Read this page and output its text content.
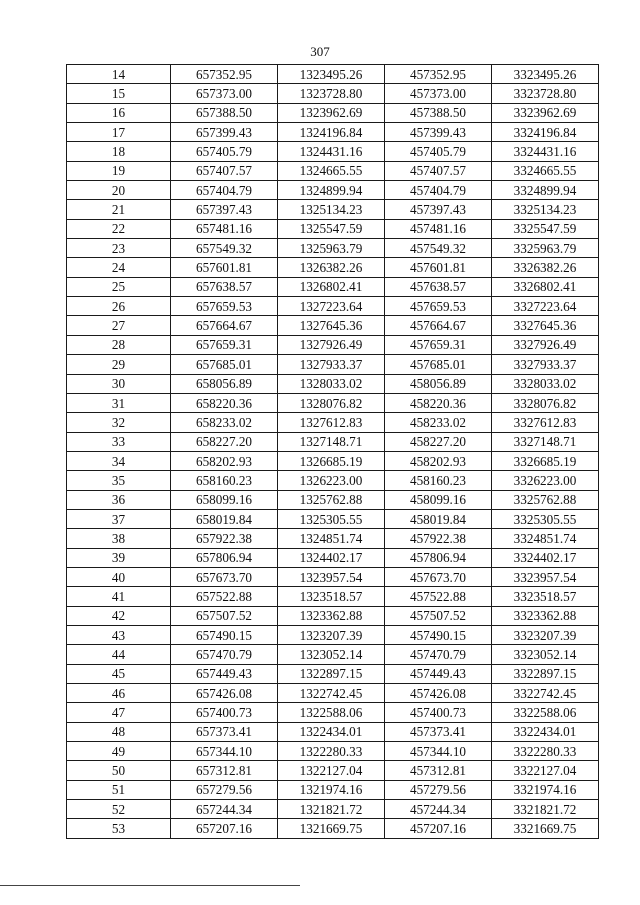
307
14	657352.95	1323495.26	457352.95	3323495.26
15	657373.00	1323728.80	457373.00	3323728.80
16	657388.50	1323962.69	457388.50	3323962.69
17	657399.43	1324196.84	457399.43	3324196.84
18	657405.79	1324431.16	457405.79	3324431.16
19	657407.57	1324665.55	457407.57	3324665.55
20	657404.79	1324899.94	457404.79	3324899.94
21	657397.43	1325134.23	457397.43	3325134.23
22	657481.16	1325547.59	457481.16	3325547.59
23	657549.32	1325963.79	457549.32	3325963.79
24	657601.81	1326382.26	457601.81	3326382.26
25	657638.57	1326802.41	457638.57	3326802.41
26	657659.53	1327223.64	457659.53	3327223.64
27	657664.67	1327645.36	457664.67	3327645.36
28	657659.31	1327926.49	457659.31	3327926.49
29	657685.01	1327933.37	457685.01	3327933.37
30	658056.89	1328033.02	458056.89	3328033.02
31	658220.36	1328076.82	458220.36	3328076.82
32	658233.02	1327612.83	458233.02	3327612.83
33	658227.20	1327148.71	458227.20	3327148.71
34	658202.93	1326685.19	458202.93	3326685.19
35	658160.23	1326223.00	458160.23	3326223.00
36	658099.16	1325762.88	458099.16	3325762.88
37	658019.84	1325305.55	458019.84	3325305.55
38	657922.38	1324851.74	457922.38	3324851.74
39	657806.94	1324402.17	457806.94	3324402.17
40	657673.70	1323957.54	457673.70	3323957.54
41	657522.88	1323518.57	457522.88	3323518.57
42	657507.52	1323362.88	457507.52	3323362.88
43	657490.15	1323207.39	457490.15	3323207.39
44	657470.79	1323052.14	457470.79	3323052.14
45	657449.43	1322897.15	457449.43	3322897.15
46	657426.08	1322742.45	457426.08	3322742.45
47	657400.73	1322588.06	457400.73	3322588.06
48	657373.41	1322434.01	457373.41	3322434.01
49	657344.10	1322280.33	457344.10	3322280.33
50	657312.81	1322127.04	457312.81	3322127.04
51	657279.56	1321974.16	457279.56	3321974.16
52	657244.34	1321821.72	457244.34	3321821.72
53	657207.16	1321669.75	457207.16	3321669.75
